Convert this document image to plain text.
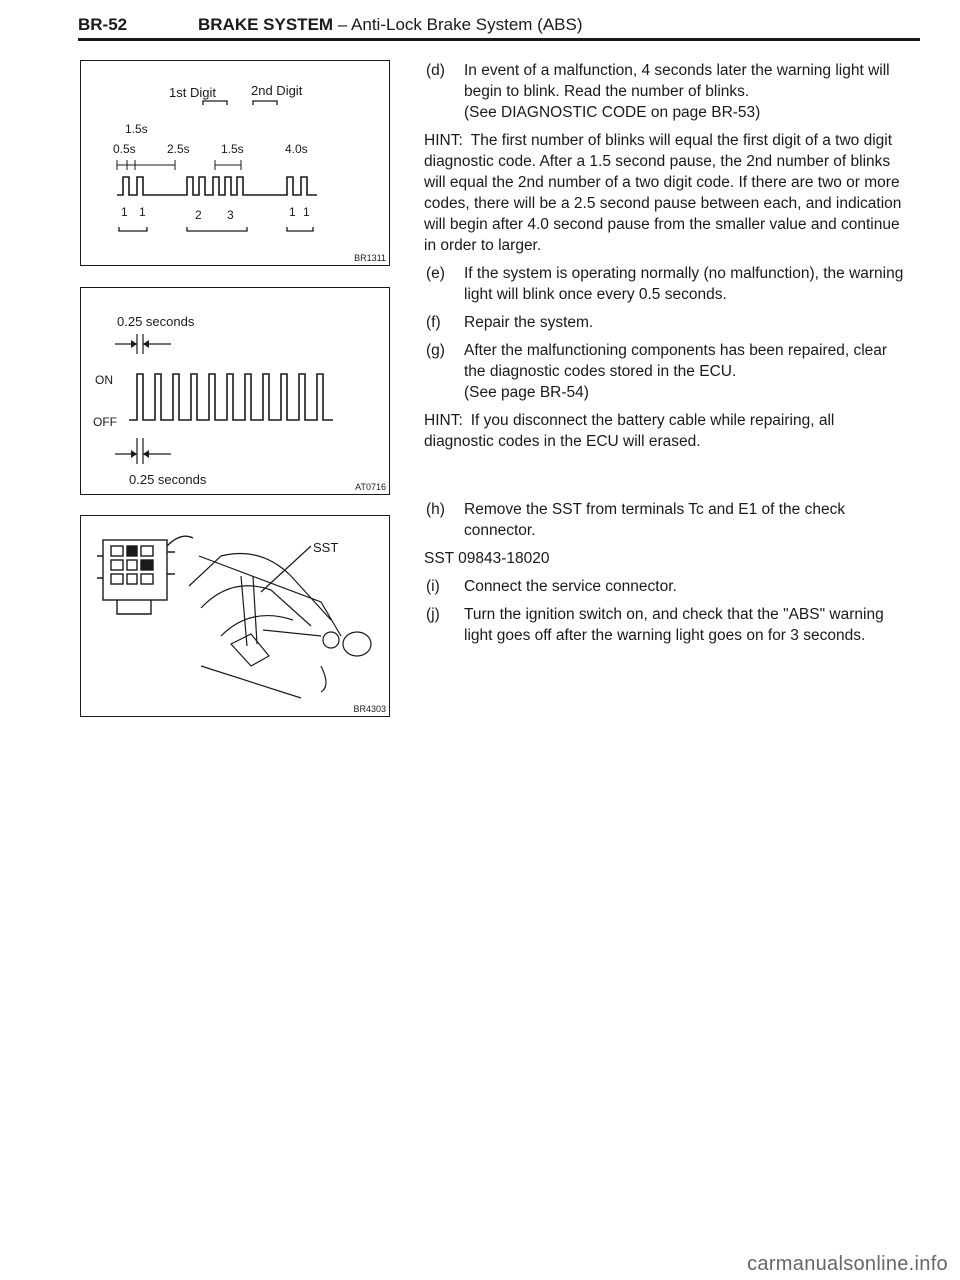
BR-52	BRAKE SYSTEM – Anti-Lock Brake System (ABS)
1st Digit	2nd Digit
1.5s
0.5s	2.5s	1.5s	4.0s
1 1	2 3	1 1
BR1311
0.25 seconds
ON
OFF
0.25 seconds	AT0716
SST
BR4303
(d) In event of a malfunction, 4 seconds later the warning light will begin to blink. Read the number of blinks.
(See DIAGNOSTIC CODE on page BR-53)
HINT: The first number of blinks will equal the first digit of a two digit diagnostic code. After a 1.5 second pause, the 2nd number of blinks will equal the 2nd number of a two digit code. If there are two or more codes, there will be a 2.5 second pause between each, and indication will begin after 4.0 second pause from the smaller value and continue in order to larger.
(e) If the system is operating normally (no malfunction), the warning light will blink once every 0.5 seconds.
(f) Repair the system.
(g) After the malfunctioning components has been repaired, clear the diagnostic codes stored in the ECU.
(See page BR-54)
HINT: If you disconnect the battery cable while repairing, all diagnostic codes in the ECU will erased.
(h) Remove the SST from terminals Tc and E1 of the check connector.
SST 09843-18020
(i) Connect the service connector.
(j) Turn the ignition switch on, and check that the "ABS" warning light goes off after the warning light goes on for 3 seconds.
carmanualsonline.info
